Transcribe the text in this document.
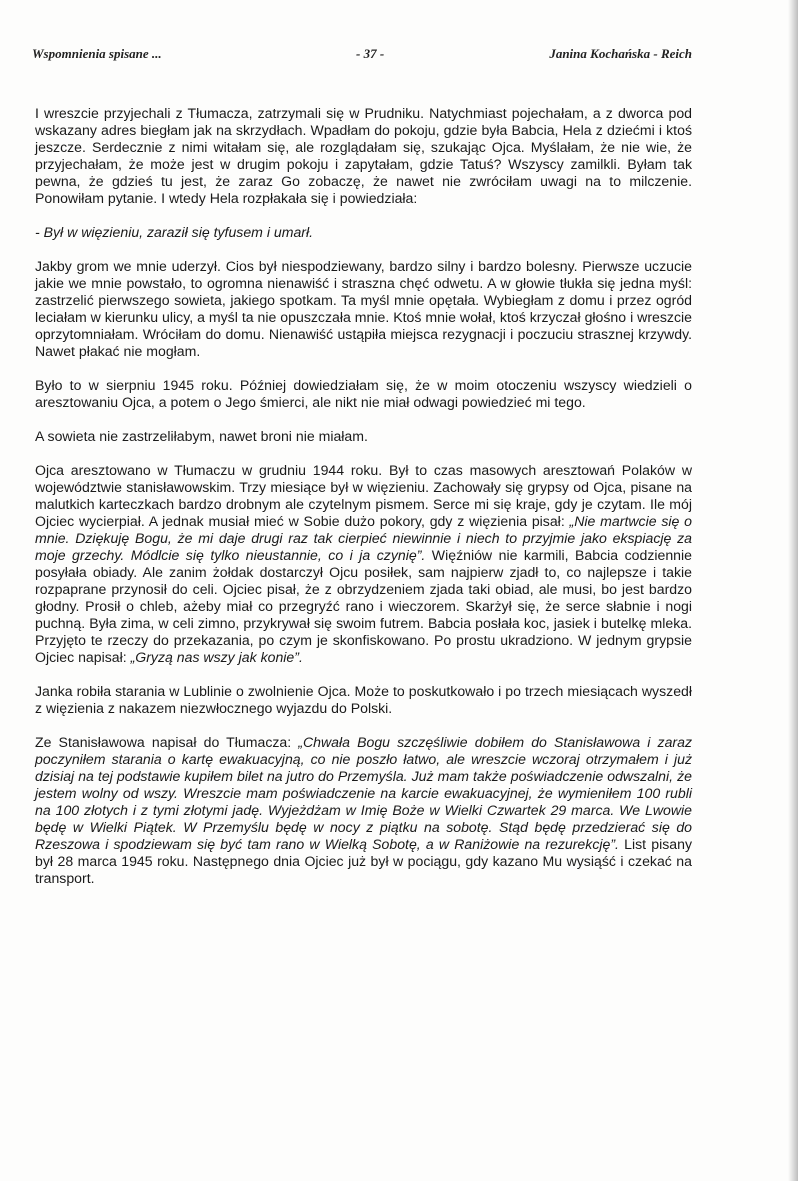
Wspomnienia spisane ...	- 37 -	Janina Kochańska - Reich

I wreszcie przyjechali z Tłumacza, zatrzymali się w Prudniku. Natychmiast pojechałam, a z dworca pod wskazany adres biegłam jak na skrzydłach. Wpadłam do pokoju, gdzie była Babcia, Hela z dziećmi i ktoś jeszcze. Serdecznie z nimi witałam się, ale rozglądałam się, szukając Ojca. Myślałam, że nie wie, że przyjechałam, że może jest w drugim pokoju i zapytałam, gdzie Tatuś? Wszyscy zamilkli. Byłam tak pewna, że gdzieś tu jest, że zaraz Go zobaczę, że nawet nie zwróciłam uwagi na to milczenie. Ponowiłam pytanie. I wtedy Hela rozpłakała się i powiedziała:

- Był w więzieniu, zaraził się tyfusem i umarł.

Jakby grom we mnie uderzył. Cios był niespodziewany, bardzo silny i bardzo bolesny. Pierwsze uczucie jakie we mnie powstało, to ogromna nienawiść i straszna chęć odwetu. A w głowie tłukła się jedna myśl: zastrzelić pierwszego sowieta, jakiego spotkam. Ta myśl mnie opętała. Wybiegłam z domu i przez ogród leciałam w kierunku ulicy, a myśl ta nie opuszczała mnie. Ktoś mnie wołał, ktoś krzyczał głośno i wreszcie oprzytomniałam. Wróciłam do domu. Nienawiść ustąpiła miejsca rezygnacji i poczuciu strasznej krzywdy. Nawet płakać nie mogłam.

Było to w sierpniu 1945 roku. Później dowiedziałam się, że w moim otoczeniu wszyscy wiedzieli o aresztowaniu Ojca, a potem o Jego śmierci, ale nikt nie miał odwagi powiedzieć mi tego.

A sowieta nie zastrzeliłabym, nawet broni nie miałam.

Ojca aresztowano w Tłumaczu w grudniu 1944 roku. Był to czas masowych aresztowań Polaków w województwie stanisławowskim. Trzy miesiące był w więzieniu. Zachowały się grypsy od Ojca, pisane na malutkich karteczkach bardzo drobnym ale czytelnym pismem. Serce mi się kraje, gdy je czytam. Ile mój Ojciec wycierpiał. A jednak musiał mieć w Sobie dużo pokory, gdy z więzienia pisał: „Nie martwcie się o mnie. Dziękuję Bogu, że mi daje drugi raz tak cierpieć niewinnie i niech to przyjmie jako ekspiację za moje grzechy. Módlcie się tylko nieustannie, co i ja czynię”. Więźniów nie karmili, Babcia codziennie posyłała obiady. Ale zanim żołdak dostarczył Ojcu posiłek, sam najpierw zjadł to, co najlepsze i takie rozpaprane przynosił do celi. Ojciec pisał, że z obrzydzeniem zjada taki obiad, ale musi, bo jest bardzo głodny. Prosił o chleb, ażeby miał co przegryźć rano i wieczorem. Skarżył się, że serce słabnie i nogi puchną. Była zima, w celi zimno, przykrywał się swoim futrem. Babcia posłała koc, jasiek i butelkę mleka. Przyjęto te rzeczy do przekazania, po czym je skonfiskowano. Po prostu ukradziono. W jednym grypsie Ojciec napisał: „Gryzą nas wszy jak konie”.

Janka robiła starania w Lublinie o zwolnienie Ojca. Może to poskutkowało i po trzech miesiącach wyszedł z więzienia z nakazem niezwłocznego wyjazdu do Polski.

Ze Stanisławowa napisał do Tłumacza: „Chwała Bogu szczęśliwie dobiłem do Stanisławowa i zaraz poczyniłem starania o kartę ewakuacyjną, co nie poszło łatwo, ale wreszcie wczoraj otrzymałem i już dzisiaj na tej podstawie kupiłem bilet na jutro do Przemyśla. Już mam także poświadczenie odwszalni, że jestem wolny od wszy. Wreszcie mam poświadczenie na karcie ewakuacyjnej, że wymieniłem 100 rubli na 100 złotych i z tymi złotymi jadę. Wyjeżdżam w Imię Boże w Wielki Czwartek 29 marca. We Lwowie będę w Wielki Piątek. W Przemyślu będę w nocy z piątku na sobotę. Stąd będę przedzierać się do Rzeszowa i spodziewam się być tam rano w Wielką Sobotę, a w Raniżowie na rezurekcję”. List pisany był 28 marca 1945 roku. Następnego dnia Ojciec już był w pociągu, gdy kazano Mu wysiąść i czekać na transport.
